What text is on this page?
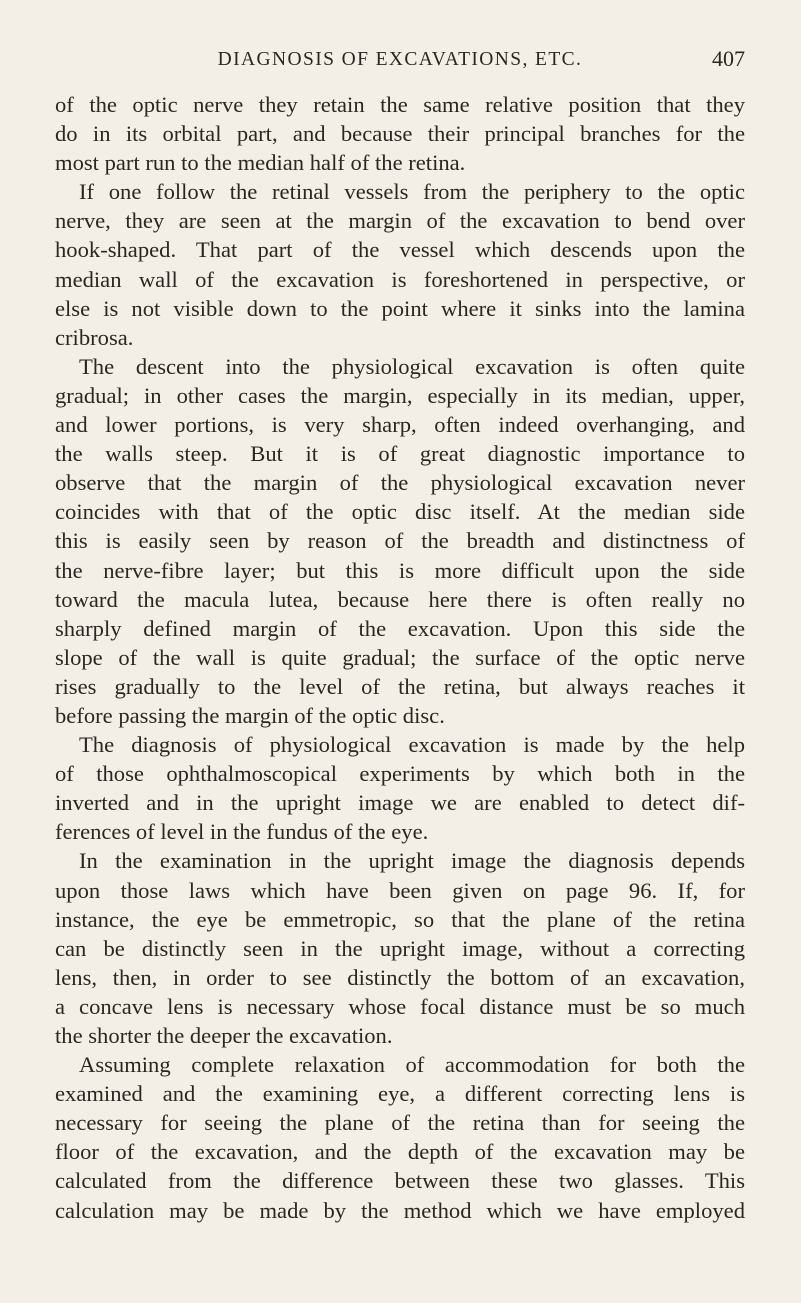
DIAGNOSIS OF EXCAVATIONS, ETC.	407
of the optic nerve they retain the same relative position that they
do in its orbital part, and because their principal branches for the
most part run to the median half of the retina.
If one follow the retinal vessels from the periphery to the optic
nerve, they are seen at the margin of the excavation to bend over
hook-shaped. That part of the vessel which descends upon the
median wall of the excavation is foreshortened in perspective, or
else is not visible down to the point where it sinks into the lamina
cribrosa.
The descent into the physiological excavation is often quite
gradual; in other cases the margin, especially in its median, upper,
and lower portions, is very sharp, often indeed overhanging, and
the walls steep. But it is of great diagnostic importance to
observe that the margin of the physiological excavation never
coincides with that of the optic disc itself. At the median side
this is easily seen by reason of the breadth and distinctness of
the nerve-fibre layer; but this is more difficult upon the side
toward the macula lutea, because here there is often really no
sharply defined margin of the excavation. Upon this side the
slope of the wall is quite gradual; the surface of the optic nerve
rises gradually to the level of the retina, but always reaches it
before passing the margin of the optic disc.
The diagnosis of physiological excavation is made by the help
of those ophthalmoscopical experiments by which both in the
inverted and in the upright image we are enabled to detect dif-
ferences of level in the fundus of the eye.
In the examination in the upright image the diagnosis depends
upon those laws which have been given on page 96. If, for
instance, the eye be emmetropic, so that the plane of the retina
can be distinctly seen in the upright image, without a correcting
lens, then, in order to see distinctly the bottom of an excavation,
a concave lens is necessary whose focal distance must be so much
the shorter the deeper the excavation.
Assuming complete relaxation of accommodation for both the
examined and the examining eye, a different correcting lens is
necessary for seeing the plane of the retina than for seeing the
floor of the excavation, and the depth of the excavation may be
calculated from the difference between these two glasses. This
calculation may be made by the method which we have employed
